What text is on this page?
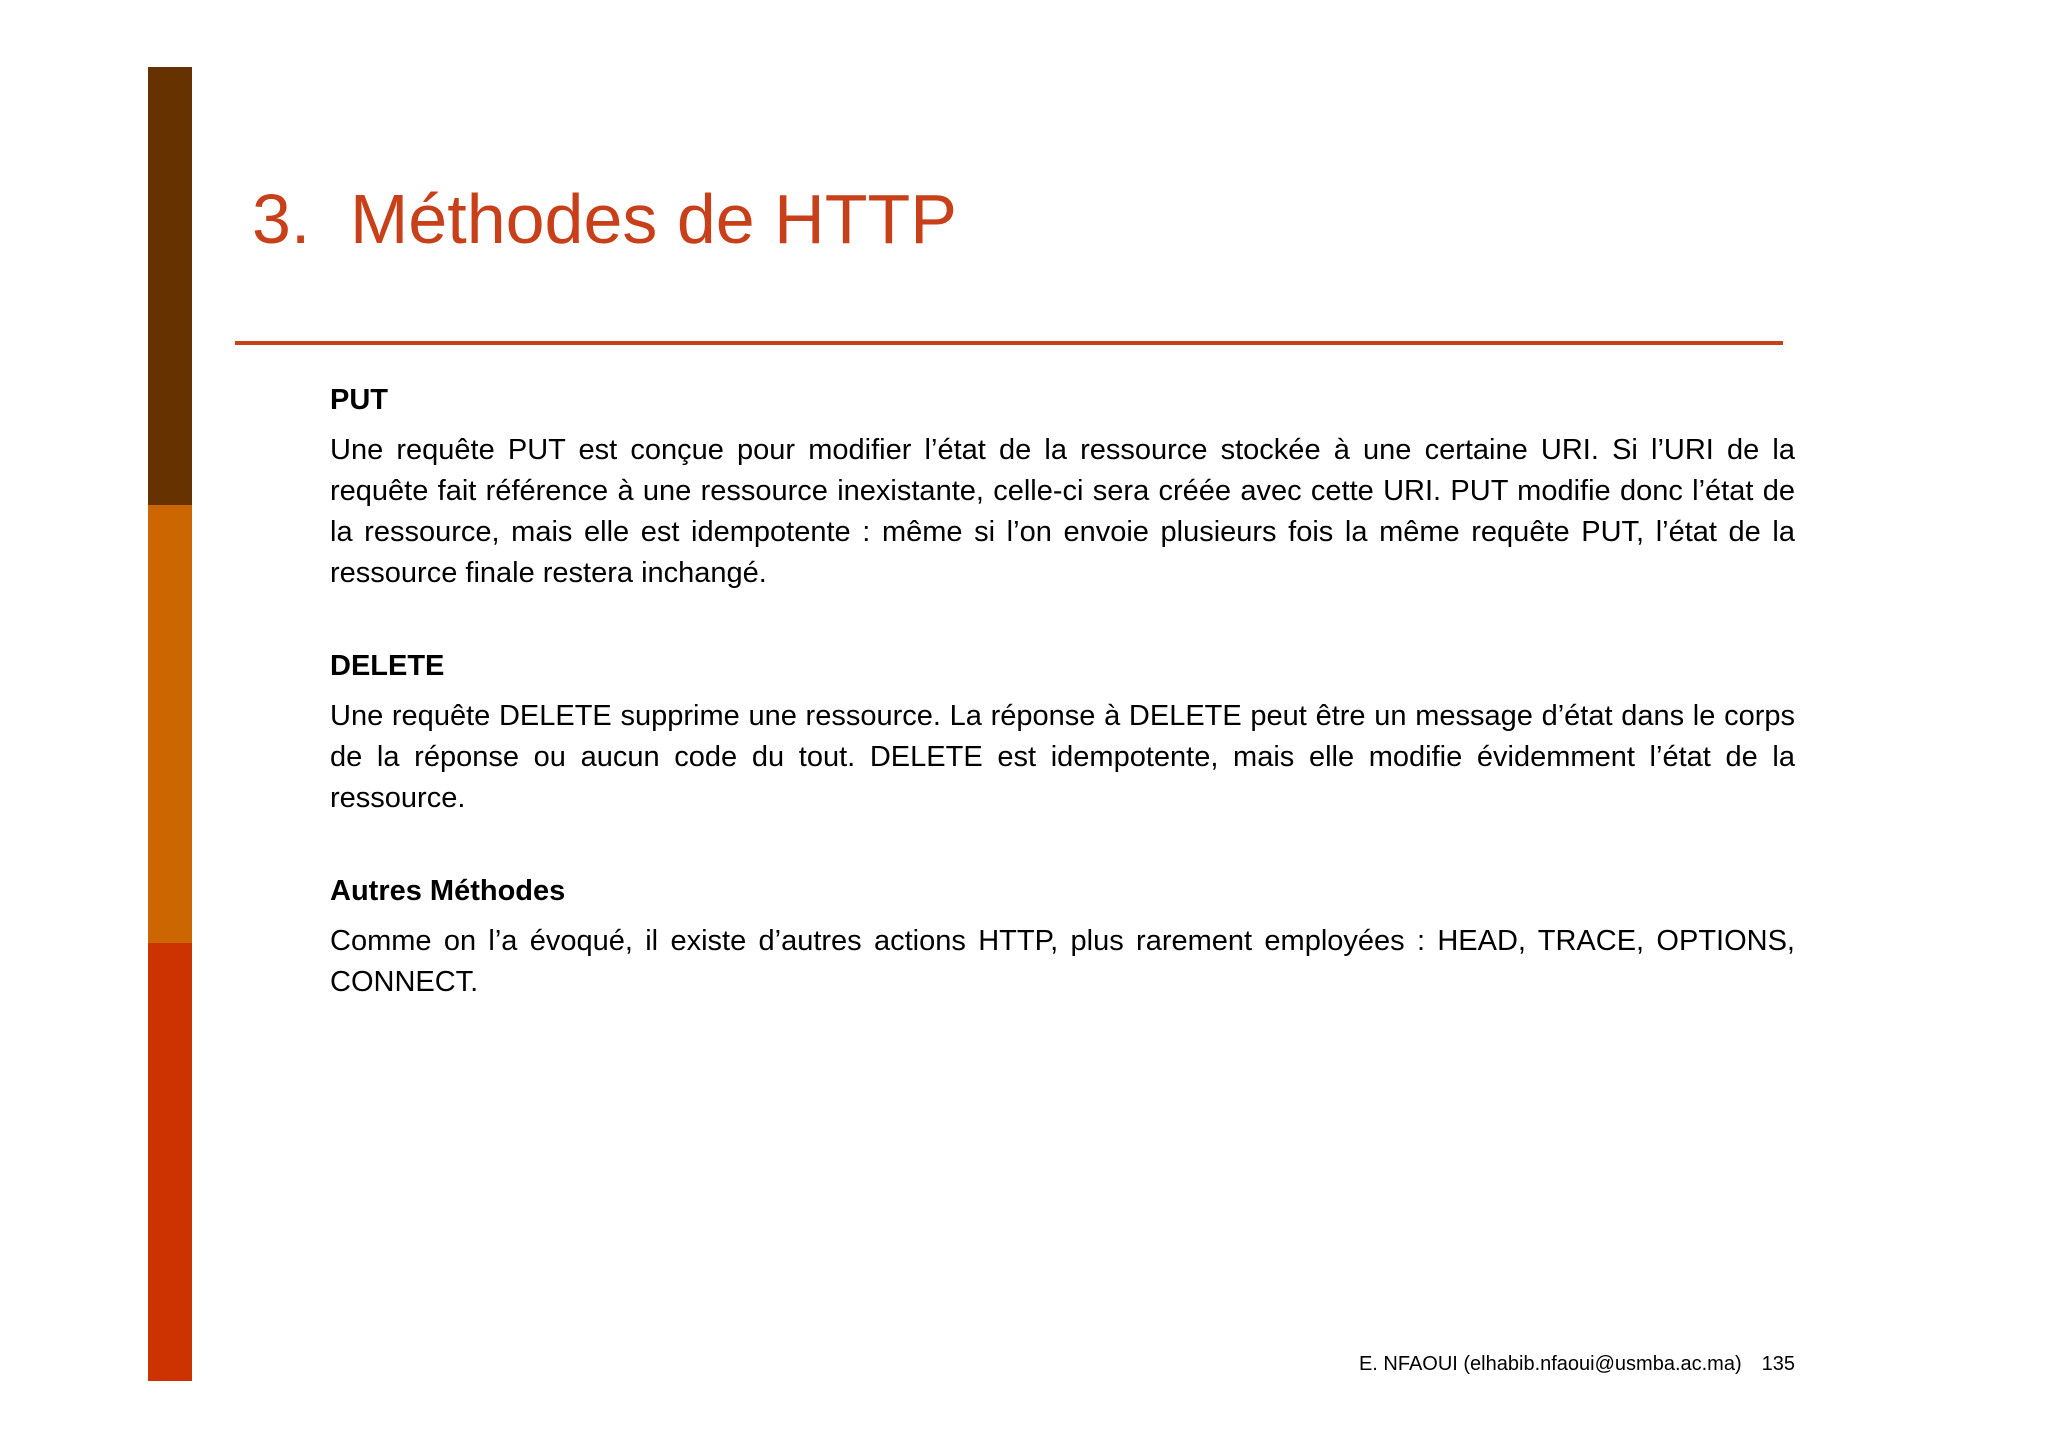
3. Méthodes de HTTP
PUT

Une requête PUT est conçue pour modifier l’état de la ressource stockée à une certaine URI. Si l’URI de la requête fait référence à une ressource inexistante, celle-ci sera créée avec cette URI. PUT modifie donc l’état de la ressource, mais elle est idempotente : même si l’on envoie plusieurs fois la même requête PUT, l’état de la ressource finale restera inchangé.

DELETE

Une requête DELETE supprime une ressource. La réponse à DELETE peut être un message d’état dans le corps de la réponse ou aucun code du tout. DELETE est idempotente, mais elle modifie évidemment l’état de la ressource.

Autres Méthodes

Comme on l’a évoqué, il existe d’autres actions HTTP, plus rarement employées : HEAD, TRACE, OPTIONS, CONNECT.

E. NFAOUI (elhabib.nfaoui@usmba.ac.ma) 135
